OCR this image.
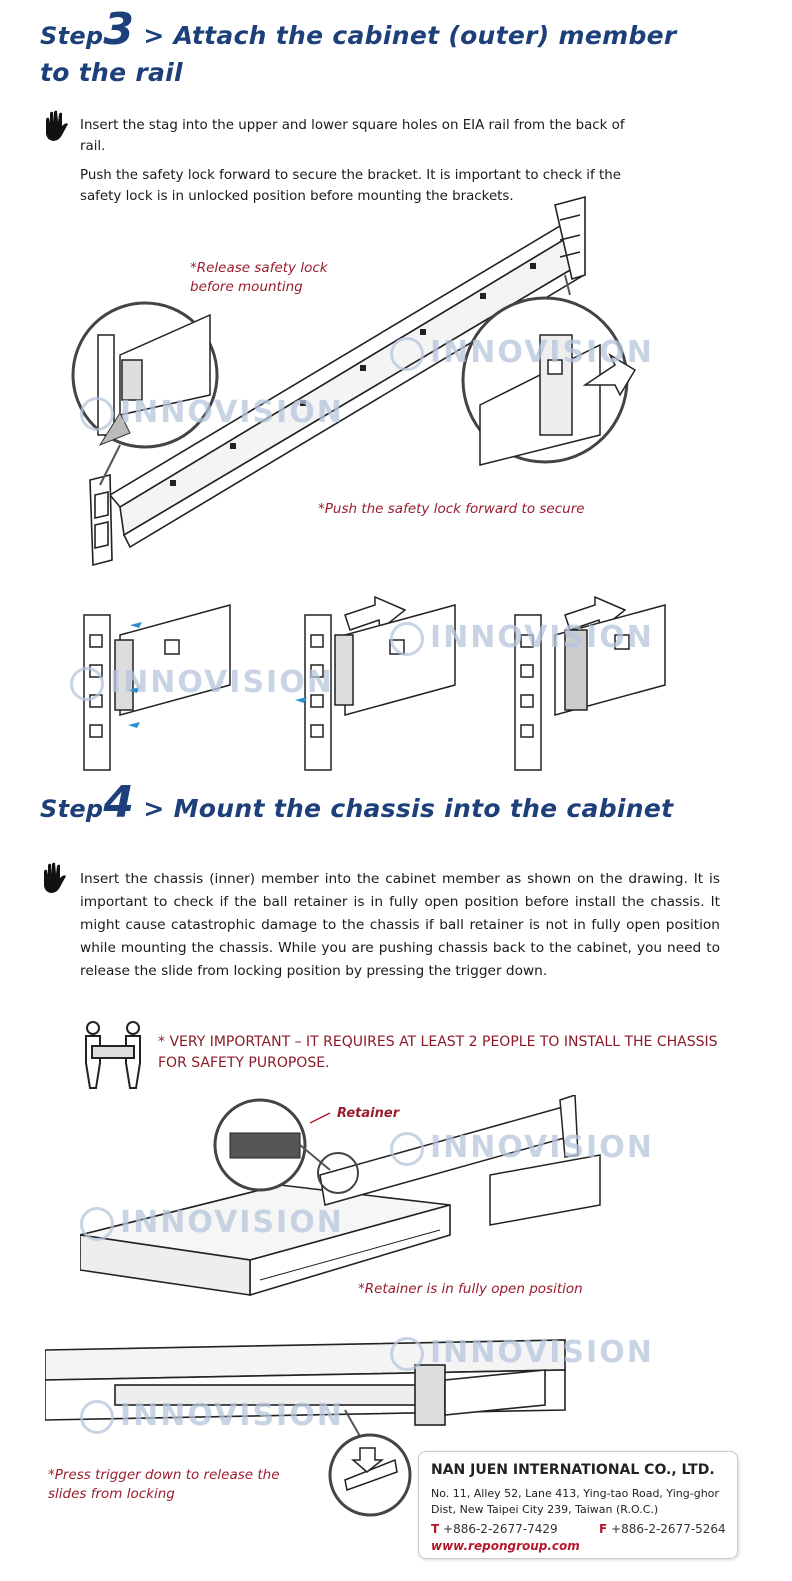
Step3 > Attach the cabinet (outer) member
to the rail

Insert the stag into the upper and lower square holes on EIA rail from the back of rail.

Push the safety lock forward to secure the bracket. It is important to check if the safety lock is in unlocked position before mounting the brackets.

*Release safety lock before mounting
*Push the safety lock forward to secure
Step4 > Mount the chassis into the cabinet

Insert the chassis (inner) member into the cabinet member as shown on the drawing. It is important to check if the ball retainer is in fully open position before install the chassis. It might cause catastrophic damage to the chassis if ball retainer is not in fully open position while mounting the chassis. While you are pushing chassis back to the cabinet, you need to release the slide from locking position by pressing the trigger down.

* VERY IMPORTANT – IT REQUIRES AT LEAST 2 PEOPLE TO INSTALL THE CHASSIS FOR SAFETY PUROPOSE.
Retainer
*Retainer is in fully open position
*Press trigger down to release the slides from locking
INNOVISION
INNOVISION
INNOVISION
INNOVISION
INNOVISION
INNOVISION
INNOVISION
INNOVISION
NAN JUEN INTERNATIONAL CO., LTD.
No. 11, Alley 52, Lane 413, Ying-tao Road, Ying-ghor Dist, New Taipei City 239, Taiwan (R.O.C.)
T +886-2-2677-7429	F +886-2-2677-5264
www.repongroup.com
